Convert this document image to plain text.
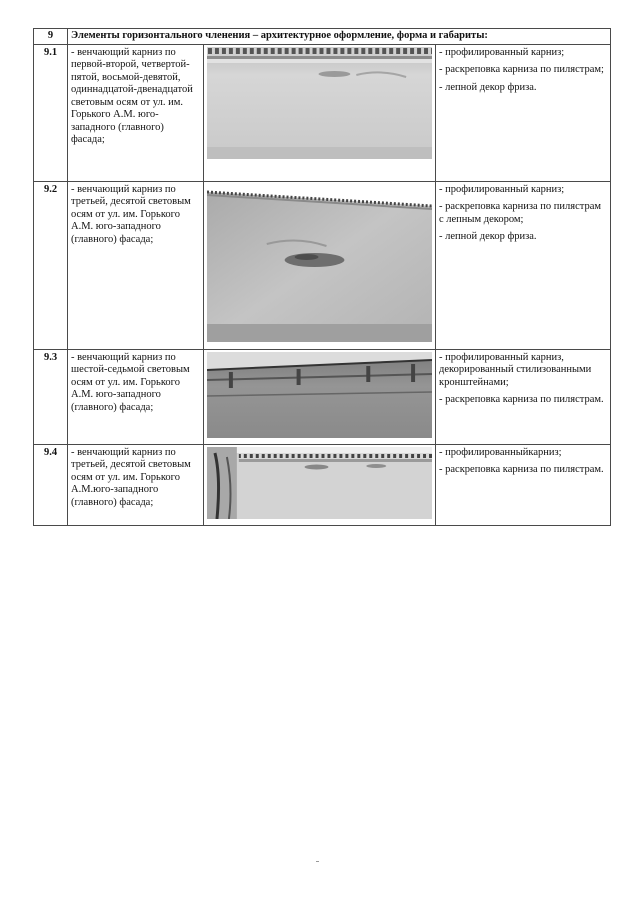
9	Элементы горизонтального членения – архитектурное оформление, форма и габариты:		
9.1	- венчающий карниз по первой-второй, четвертой-пятой, восьмой-девятой, одиннадцатой-двенадцатой световым осям от ул. им. Горького А.М. юго-западного (главного) фасада;		- профилированный карниз;

- раскреповка карниза по пилястрам;

- лепной декор фриза.

9.2	- венчающий карниз по третьей, десятой световым осям от ул. им. Горького А.М. юго-западного (главного) фасада;		- профилированный карниз;

- раскреповка карниза по пилястрам с лепным декором;

- лепной декор фриза.

9.3	- венчающий карниз по шестой-седьмой световым осям от ул. им. Горького А.М. юго-западного (главного) фасада;		- профилированный карниз, декорированный стилизованными кронштейнами;

- раскреповка карниза по пилястрам.

9.4	- венчающий карниз по третьей, десятой световым осям от ул. им. Горького А.М.юго-западного (главного) фасада;		- профилированныйкарниз;

- раскреповка карниза по пилястрам.
